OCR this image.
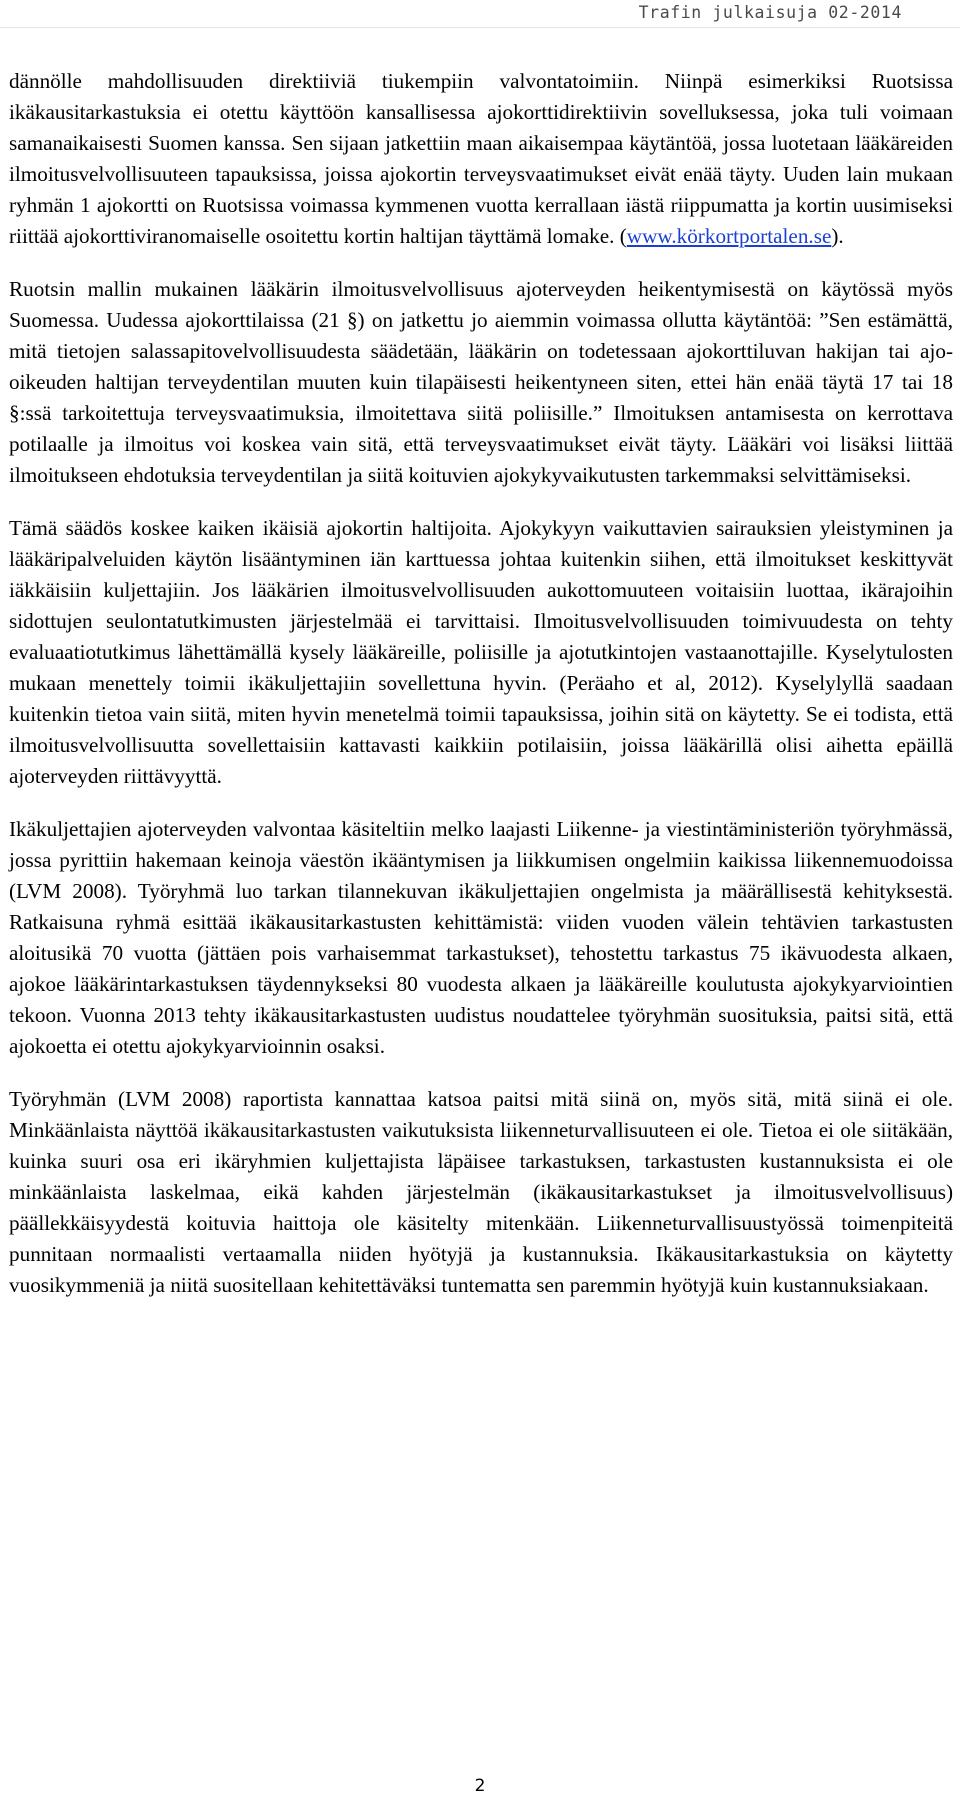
Trafin julkaisuja 02-2014

dännölle mahdollisuuden direktiiviä tiukempiin valvontatoimiin. Niinpä esimerkiksi Ruotsissa ikäkausitarkastuksia ei otettu käyttöön kansallisessa ajokorttidirektiivin sovelluksessa, joka tuli voimaan samanaikaisesti Suomen kanssa. Sen sijaan jatkettiin maan aikaisempaa käytäntöä, jossa luotetaan lääkäreiden ilmoitusvelvollisuuteen tapauksissa, joissa ajokortin terveysvaatimukset eivät enää täyty. Uuden lain mukaan ryhmän 1 ajokortti on Ruotsissa voimassa kymmenen vuotta kerrallaan iästä riippumatta ja kortin uusimiseksi riittää ajokorttiviranomaiselle osoitettu kortin haltijan täyttämä lomake. (www.körkortportalen.se).

Ruotsin mallin mukainen lääkärin ilmoitusvelvollisuus ajoterveyden heikentymisestä on käytössä myös Suomessa. Uudessa ajokorttilaissa (21 §) on jatkettu jo aiemmin voimassa ollutta käytäntöä: ”Sen estämättä, mitä tietojen salassapitovelvollisuudesta säädetään, lääkärin on todetessaan ajokorttiluvan hakijan tai ajo-oikeuden haltijan terveydentilan muuten kuin tilapäisesti heikentyneen siten, ettei hän enää täytä 17 tai 18 §:ssä tarkoitettuja terveysvaatimuksia, ilmoitettava siitä poliisille.” Ilmoituksen antamisesta on kerrottava potilaalle ja ilmoitus voi koskea vain sitä, että terveysvaatimukset eivät täyty. Lääkäri voi lisäksi liittää ilmoitukseen ehdotuksia terveydentilan ja siitä koituvien ajokykyvaikutusten tarkemmaksi selvittämiseksi.

Tämä säädös koskee kaiken ikäisiä ajokortin haltijoita. Ajokykyyn vaikuttavien sairauksien yleistyminen ja lääkäripalveluiden käytön lisääntyminen iän karttuessa johtaa kuitenkin siihen, että ilmoitukset keskittyvät iäkkäisiin kuljettajiin. Jos lääkärien ilmoitusvelvollisuuden aukottomuuteen voitaisiin luottaa, ikärajoihin sidottujen seulontatutkimusten järjestelmää ei tarvittaisi. Ilmoitusvelvollisuuden toimivuudesta on tehty evaluaatiotutkimus lähettämällä kysely lääkäreille, poliisille ja ajotutkintojen vastaanottajille. Kyselytulosten mukaan menettely toimii ikäkuljettajiin sovellettuna hyvin. (Peräaho et al, 2012). Kyselylyllä saadaan kuitenkin tietoa vain siitä, miten hyvin menetelmä toimii tapauksissa, joihin sitä on käytetty. Se ei todista, että ilmoitusvelvollisuutta sovellettaisiin kattavasti kaikkiin potilaisiin, joissa lääkärillä olisi aihetta epäillä ajoterveyden riittävyyttä.

Ikäkuljettajien ajoterveyden valvontaa käsiteltiin melko laajasti Liikenne- ja viestintäministeriön työryhmässä, jossa pyrittiin hakemaan keinoja väestön ikääntymisen ja liikkumisen ongelmiin kaikissa liikennemuodoissa (LVM 2008). Työryhmä luo tarkan tilannekuvan ikäkuljettajien ongelmista ja määrällisestä kehityksestä. Ratkaisuna ryhmä esittää ikäkausitarkastusten kehittämistä: viiden vuoden välein tehtävien tarkastusten aloitusikä 70 vuotta (jättäen pois varhaisemmat tarkastukset), tehostettu tarkastus 75 ikävuodesta alkaen, ajokoe lääkärintarkastuksen täydennykseksi 80 vuodesta alkaen ja lääkäreille koulutusta ajokykyarviointien tekoon. Vuonna 2013 tehty ikäkausitarkastusten uudistus noudattelee työryhmän suosituksia, paitsi sitä, että ajokoetta ei otettu ajokykyarvioinnin osaksi.

Työryhmän (LVM 2008) raportista kannattaa katsoa paitsi mitä siinä on, myös sitä, mitä siinä ei ole. Minkäänlaista näyttöä ikäkausitarkastusten vaikutuksista liikenneturvallisuuteen ei ole. Tietoa ei ole siitäkään, kuinka suuri osa eri ikäryhmien kuljettajista läpäisee tarkastuksen, tarkastusten kustannuksista ei ole minkäänlaista laskelmaa, eikä kahden järjestelmän (ikäkausitarkastukset ja ilmoitusvelvollisuus) päällekkäisyydestä koituvia haittoja ole käsitelty mitenkään. Liikenneturvallisuustyössä toimenpiteitä punnitaan normaalisti vertaamalla niiden hyötyjä ja kustannuksia. Ikäkausitarkastuksia on käytetty vuosikymmeniä ja niitä suositellaan kehitettäväksi tuntematta sen paremmin hyötyjä kuin kustannuksiakaan.

2
